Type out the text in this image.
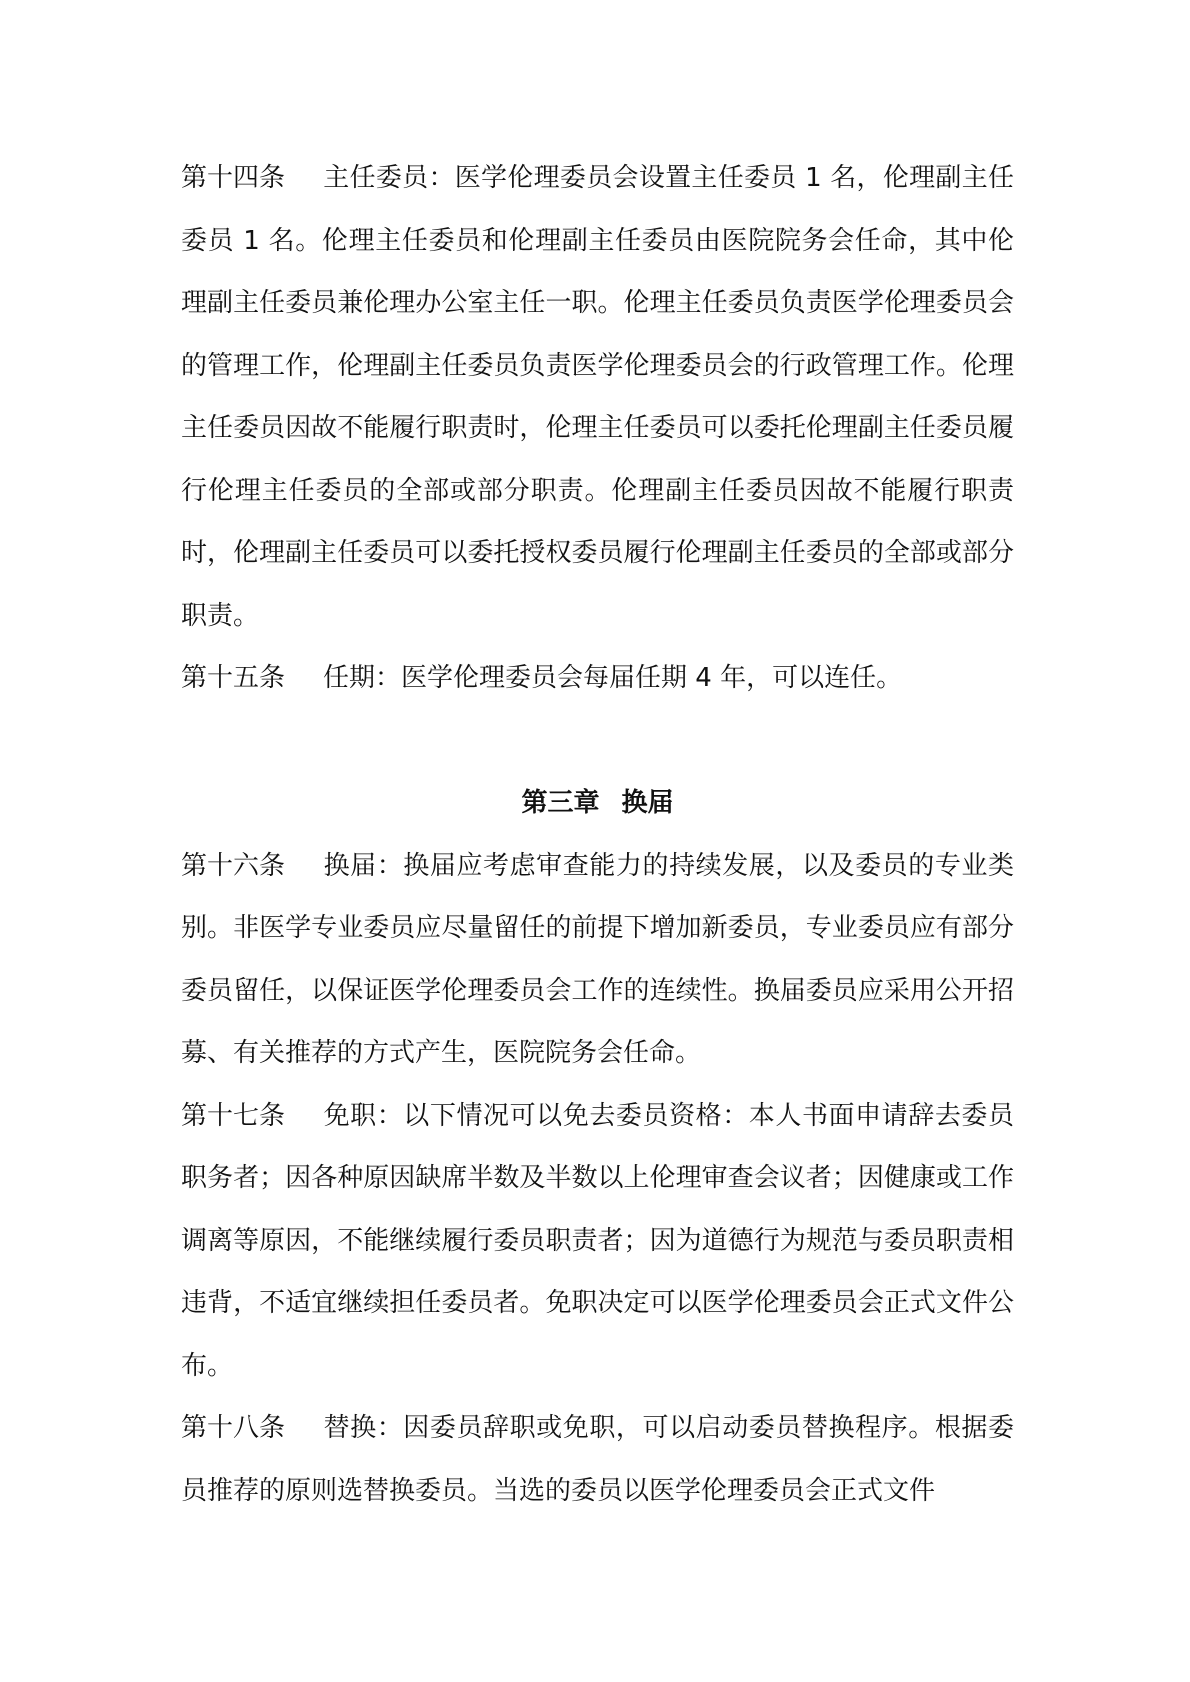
第十四条 主任委员：医学伦理委员会设置主任委员 1 名，伦理副主任委员 1 名。伦理主任委员和伦理副主任委员由医院院务会任命，其中伦理副主任委员兼伦理办公室主任一职。伦理主任委员负责医学伦理委员会的管理工作，伦理副主任委员负责医学伦理委员会的行政管理工作。伦理主任委员因故不能履行职责时，伦理主任委员可以委托伦理副主任委员履行伦理主任委员的全部或部分职责。伦理副主任委员因故不能履行职责时，伦理副主任委员可以委托授权委员履行伦理副主任委员的全部或部分职责。

第十五条 任期：医学伦理委员会每届任期 4 年，可以连任。

第三章 换届

第十六条 换届：换届应考虑审查能力的持续发展，以及委员的专业类别。非医学专业委员应尽量留任的前提下增加新委员，专业委员应有部分委员留任，以保证医学伦理委员会工作的连续性。换届委员应采用公开招募、有关推荐的方式产生，医院院务会任命。

第十七条 免职：以下情况可以免去委员资格：本人书面申请辞去委员职务者；因各种原因缺席半数及半数以上伦理审查会议者；因健康或工作调离等原因，不能继续履行委员职责者；因为道德行为规范与委员职责相违背，不适宜继续担任委员者。免职决定可以医学伦理委员会正式文件公布。

第十八条 替换：因委员辞职或免职，可以启动委员替换程序。根据委员推荐的原则选替换委员。当选的委员以医学伦理委员会正式文件
